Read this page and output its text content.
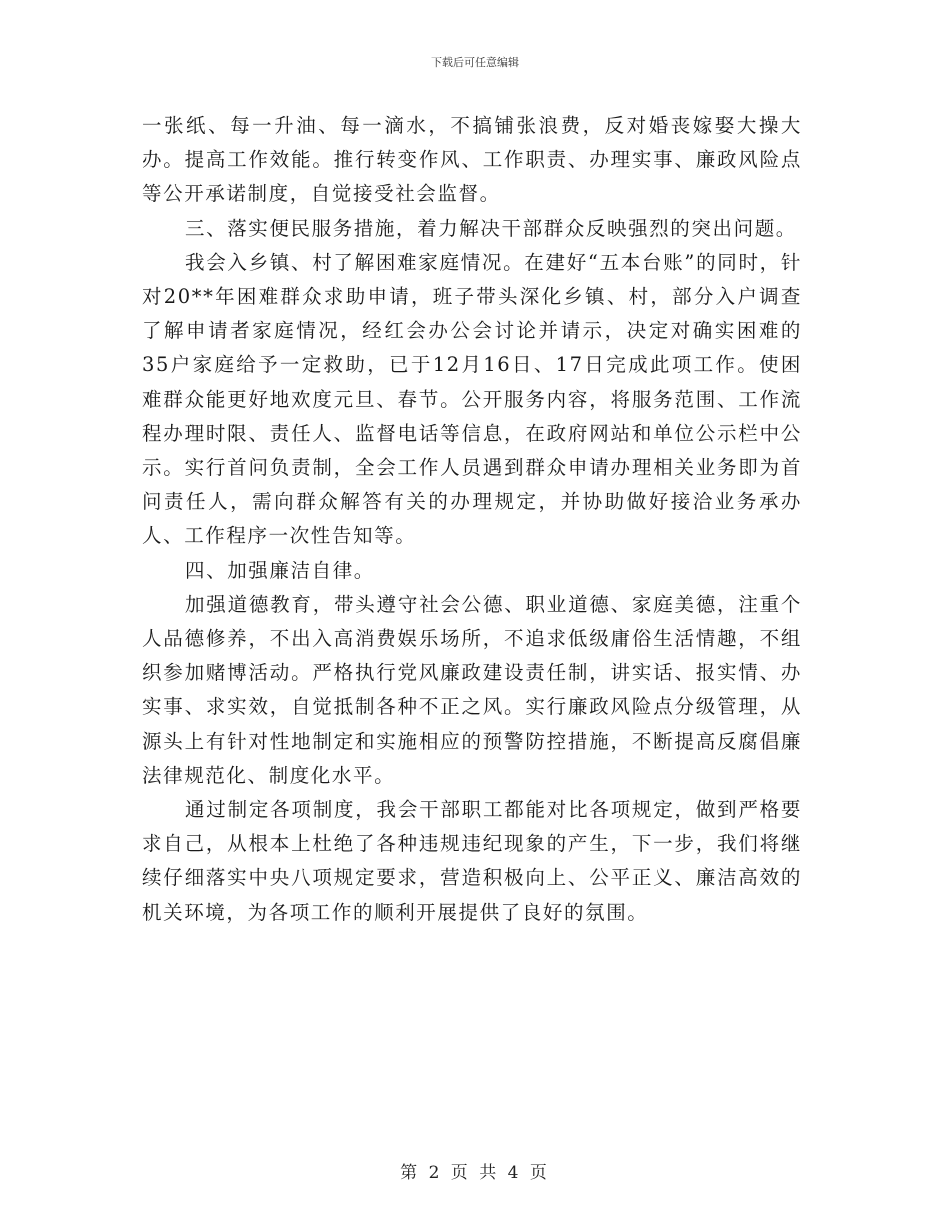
下载后可任意编辑

一张纸、每一升油、每一滴水，不搞铺张浪费，反对婚丧嫁娶大操大办。提高工作效能。推行转变作风、工作职责、办理实事、廉政风险点等公开承诺制度，自觉接受社会监督。

三、落实便民服务措施，着力解决干部群众反映强烈的突出问题。

我会入乡镇、村了解困难家庭情况。在建好“五本台账”的同时，针对20**年困难群众求助申请，班子带头深化乡镇、村，部分入户调查了解申请者家庭情况，经红会办公会讨论并请示，决定对确实困难的35户家庭给予一定救助，已于12月16日、17日完成此项工作。使困难群众能更好地欢度元旦、春节。公开服务内容，将服务范围、工作流程办理时限、责任人、监督电话等信息，在政府网站和单位公示栏中公示。实行首问负责制，全会工作人员遇到群众申请办理相关业务即为首问责任人，需向群众解答有关的办理规定，并协助做好接洽业务承办人、工作程序一次性告知等。

四、加强廉洁自律。

加强道德教育，带头遵守社会公德、职业道德、家庭美德，注重个人品德修养，不出入高消费娱乐场所，不追求低级庸俗生活情趣，不组织参加赌博活动。严格执行党风廉政建设责任制，讲实话、报实情、办实事、求实效，自觉抵制各种不正之风。实行廉政风险点分级管理，从源头上有针对性地制定和实施相应的预警防控措施，不断提高反腐倡廉法律规范化、制度化水平。

通过制定各项制度，我会干部职工都能对比各项规定，做到严格要求自己，从根本上杜绝了各种违规违纪现象的产生，下一步，我们将继续仔细落实中央八项规定要求，营造积极向上、公平正义、廉洁高效的机关环境，为各项工作的顺利开展提供了良好的氛围。

第 2 页 共 4 页
